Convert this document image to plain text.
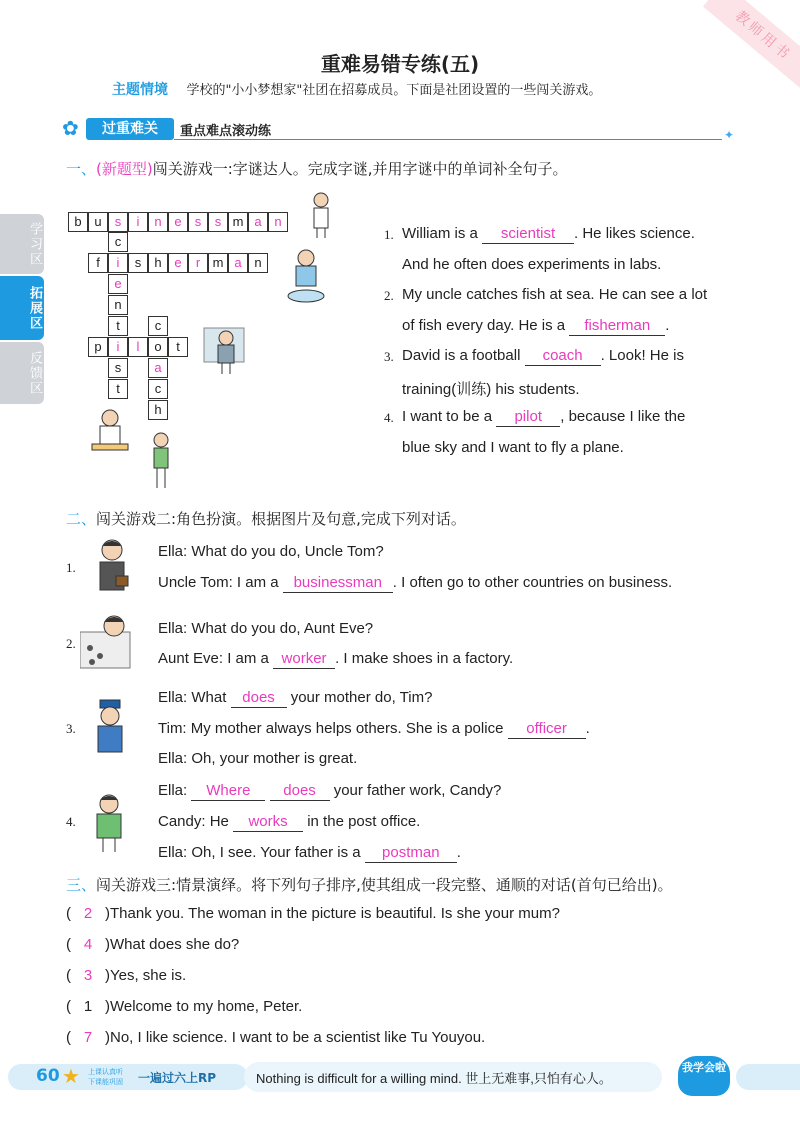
教师用书
重难易错专练(五)
主题情境 学校的"小小梦想家"社团在招募成员。下面是社团设置的一些闯关游戏。
✿	过重难关	重点难点滚动练	✦
学习区
拓展区
反馈区
一、(新题型)闯关游戏一:字谜达人。完成字谜,并用字谜中的单词补全句子。
b u	s	i	n e	s	s m a n
c
f	i	s	h e	r m a n
e
n
t
p	i	l	o	t
s
t
c
a
c
h
1. William is a scientist . He likes science.
And he often does experiments in labs.
2. My uncle catches fish at sea. He can see a lot
of fish every day. He is a fisherman .
3. David is a football coach . Look! He is
training(训练) his students.
4. I want to be a pilot , because I like the
blue sky and I want to fly a plane.
二、闯关游戏二:角色扮演。根据图片及句意,完成下列对话。
1.
Ella: What do you do, Uncle Tom?
Uncle Tom: I am a businessman . I often go to other countries on business.
2.
Ella: What do you do, Aunt Eve?
Aunt Eve: I am a worker . I make shoes in a factory.
3.
Ella: What does your mother do, Tim?
Tim: My mother always helps others. She is a police officer .
Ella: Oh, your mother is great.
4.
Ella: Where does your father work, Candy?
Candy: He works in the post office.
Ella: Oh, I see. Your father is a postman .
三、闯关游戏三:情景演绎。将下列句子排序,使其组成一段完整、通顺的对话(首句已给出)。
( 2 )Thank you. The woman in the picture is beautiful. Is she your mum?
( 4 )What does she do?
( 3 )Yes, she is.
( 1 )Welcome to my home, Peter.
( 7 )No, I like science. I want to be a scientist like Tu Youyou.
60 ★ 上课认真听
下课能巩固 一遍过六上RP	Nothing is difficult for a willing mind. 世上无难事,只怕有心人。
我学会啦
